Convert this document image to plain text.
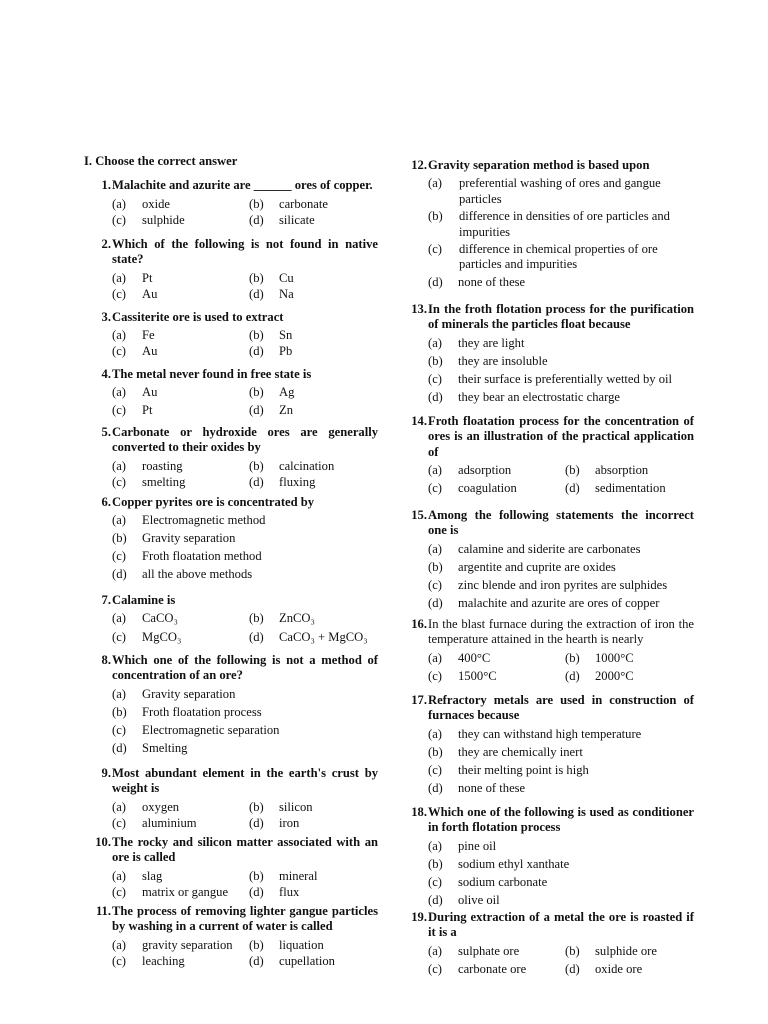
I. Choose the correct answer
1. Malachite and azurite are ______ ores of copper.
(a) oxide	(b) carbonate
(c) sulphide	(d) silicate
2. Which of the following is not found in native state?
(a) Pt	(b) Cu
(c) Au	(d) Na
3. Cassiterite ore is used to extract
(a) Fe	(b) Sn
(c) Au	(d) Pb
4. The metal never found in free state is
(a) Au	(b) Ag
(c) Pt	(d) Zn
5. Carbonate or hydroxide ores are generally converted to their oxides by
(a) roasting	(b) calcination
(c) smelting	(d) fluxing
6. Copper pyrites ore is concentrated by
(a) Electromagnetic method
(b) Gravity separation
(c) Froth floatation method
(d) all the above methods
7. Calamine is
(a) CaCO₃	(b) ZnCO₃
(c) MgCO₃	(d) CaCO₃ + MgCO₃
8. Which one of the following is not a method of concentration of an ore?
(a) Gravity separation
(b) Froth floatation process
(c) Electromagnetic separation
(d) Smelting
9. Most abundant element in the earth's crust by weight is
(a) oxygen	(b) silicon
(c) aluminium	(d) iron
10. The rocky and silicon matter associated with an ore is called
(a) slag	(b) mineral
(c) matrix or gangue	(d) flux
11. The process of removing lighter gangue particles by washing in a current of water is called
(a) gravity separation	(b) liquation
(c) leaching	(d) cupellation
12. Gravity separation method is based upon
(a)	preferential washing of ores and gangue particles
(b)	difference in densities of ore particles and impurities
(c)	difference in chemical properties of ore particles and impurities
(d) none of these
13. In the froth flotation process for the purification of minerals the particles float because
(a) they are light
(b) they are insoluble
(c) their surface is preferentially wetted by oil
(d) they bear an electrostatic charge
14. Froth floatation process for the concentration of ores is an illustration of the practical application of
(a) adsorption	(b) absorption
(c) coagulation	(d) sedimentation
15. Among the following statements the incorrect one is
(a) calamine and siderite are carbonates
(b) argentite and cuprite are oxides
(c) zinc blende and iron pyrites are sulphides
(d) malachite and azurite are ores of copper
16. In the blast furnace during the extraction of iron the temperature attained in the hearth is nearly
(a) 400°C	(b) 1000°C
(c) 1500°C	(d) 2000°C
17. Refractory metals are used in construction of furnaces because
(a) they can withstand high temperature
(b) they are chemically inert
(c) their melting point is high
(d) none of these
18. Which one of the following is used as conditioner in forth flotation process
(a) pine oil
(b) sodium ethyl xanthate
(c) sodium carbonate
(d) olive oil
19. During extraction of a metal the ore is roasted if it is a
(a) sulphate ore	(b) sulphide ore
(c) carbonate ore	(d) oxide ore
